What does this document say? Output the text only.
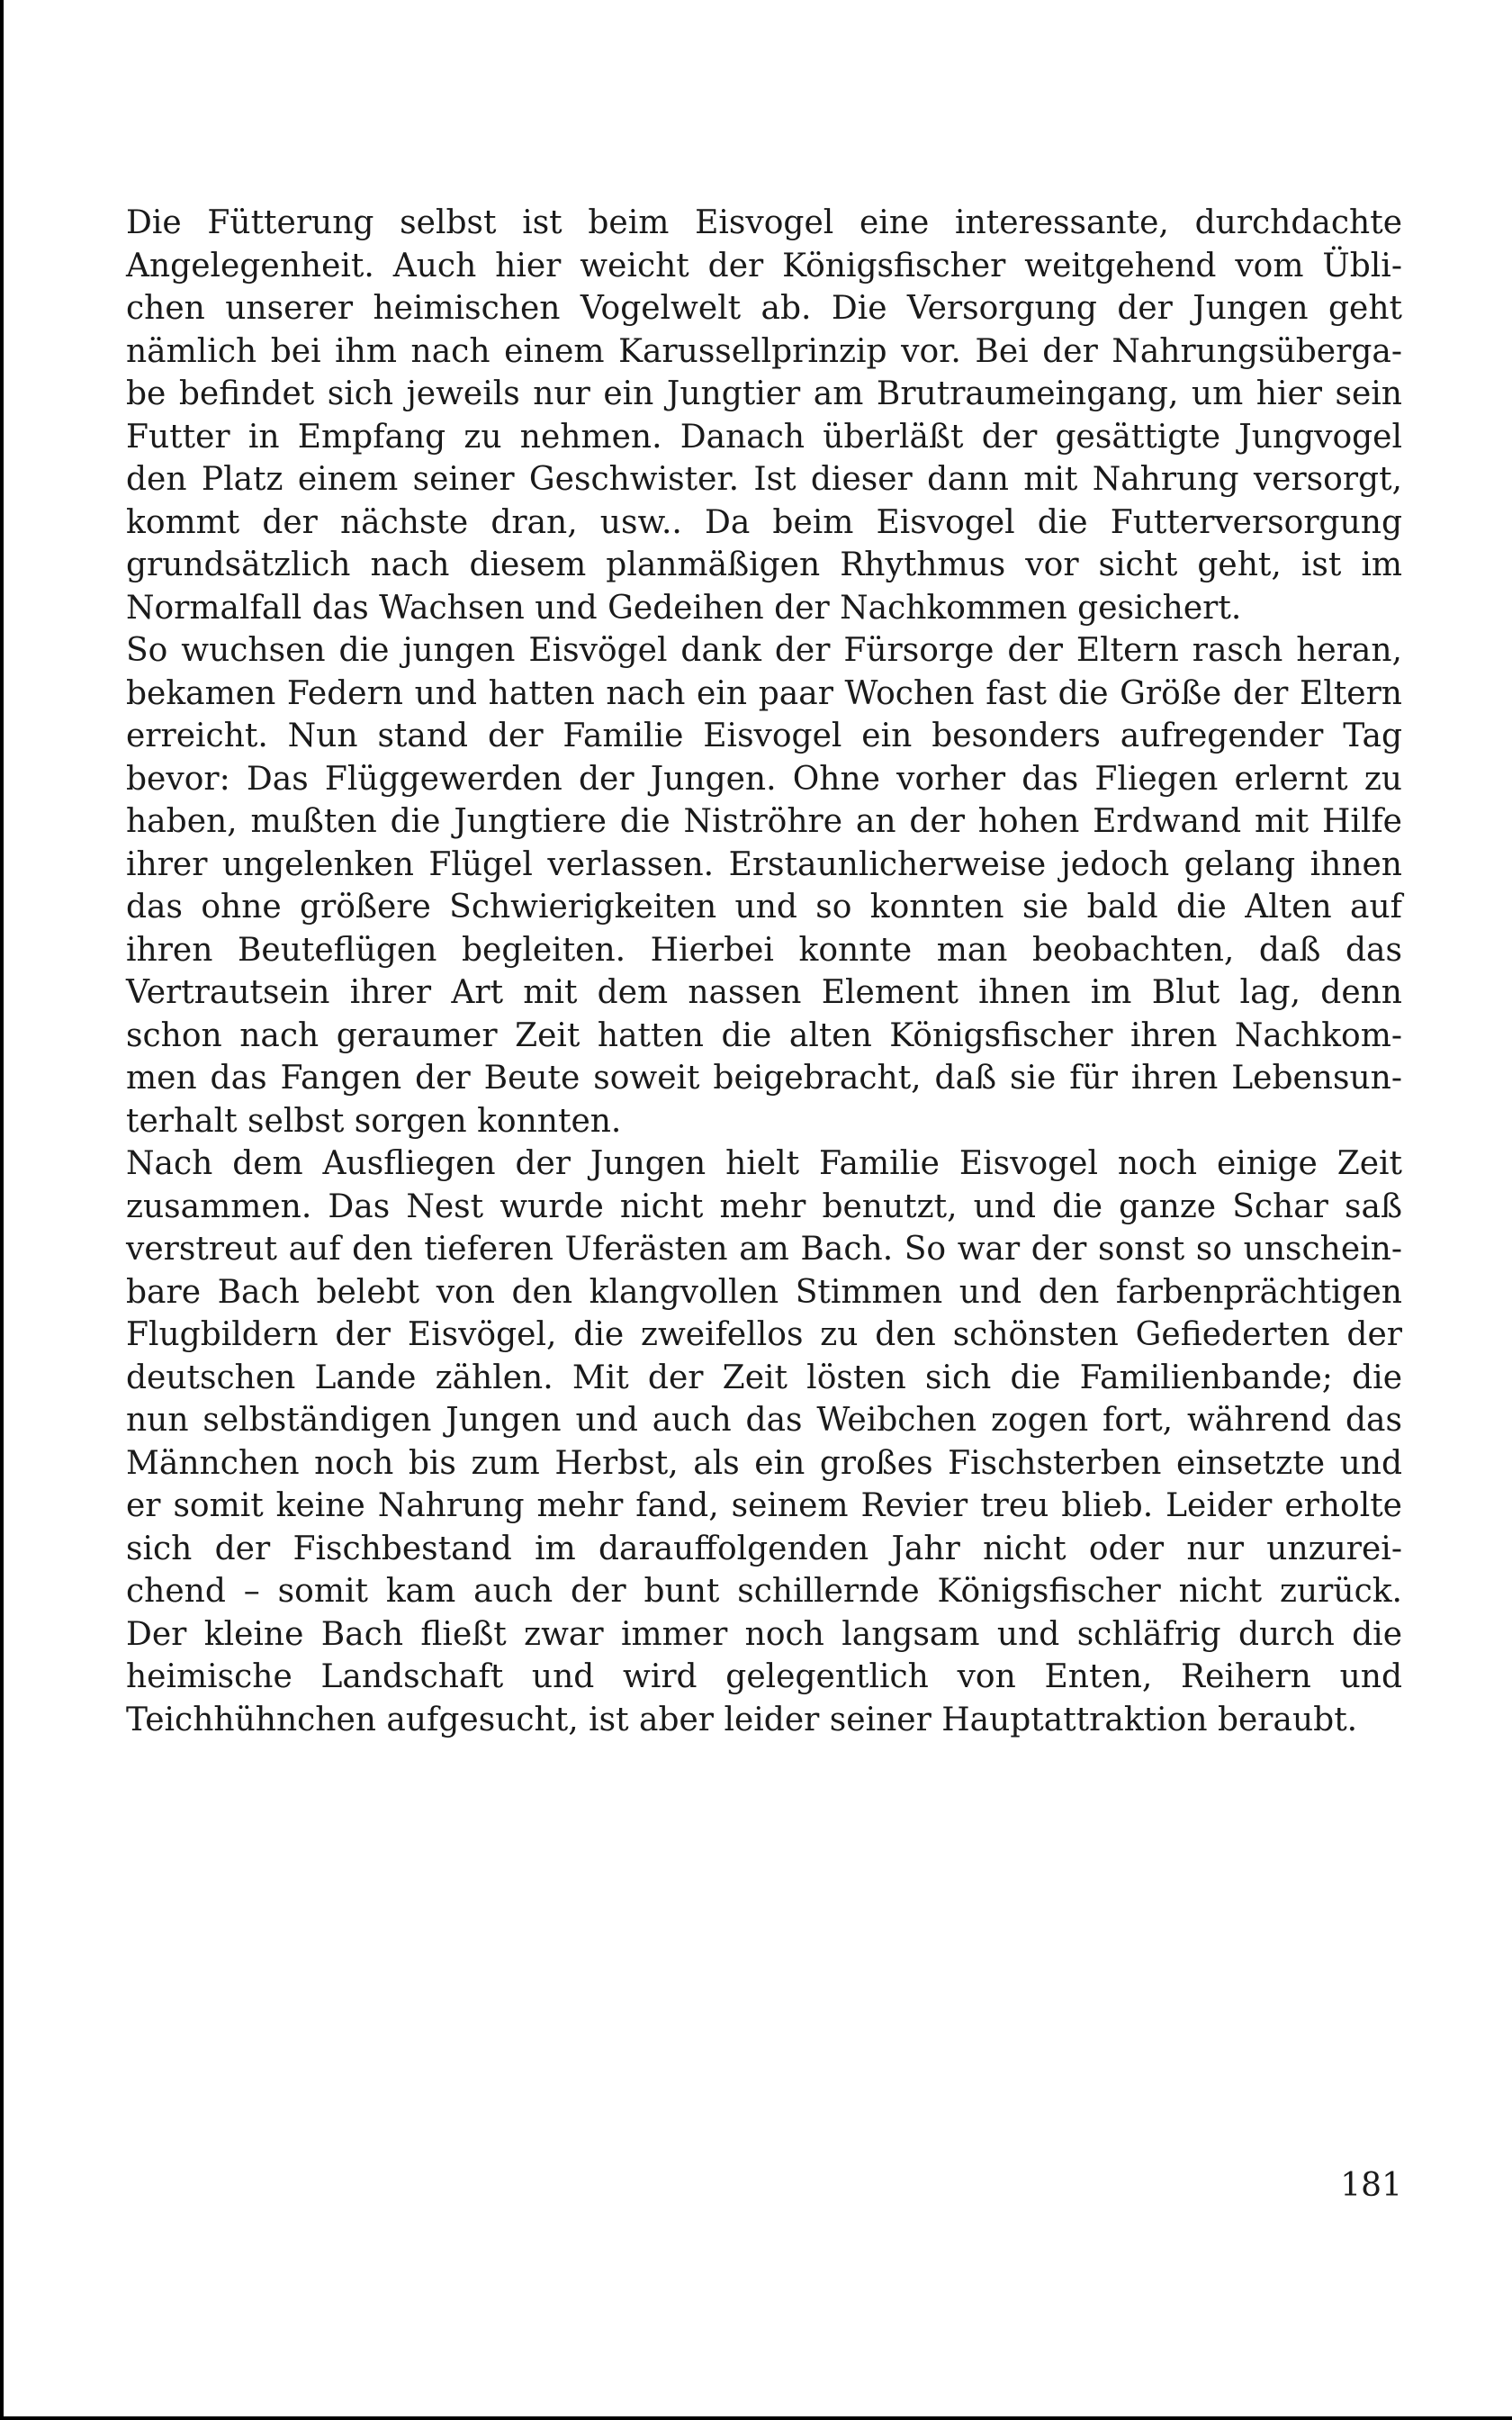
Die Fütterung selbst ist beim Eisvogel eine interessante, durchdachte
Angelegenheit. Auch hier weicht der Königsfischer weitgehend vom Übli-
chen unserer heimischen Vogelwelt ab. Die Versorgung der Jungen geht
nämlich bei ihm nach einem Karussellprinzip vor. Bei der Nahrungsüberga-
be befindet sich jeweils nur ein Jungtier am Brutraumeingang, um hier sein
Futter in Empfang zu nehmen. Danach überläßt der gesättigte Jungvogel
den Platz einem seiner Geschwister. Ist dieser dann mit Nahrung versorgt,
kommt der nächste dran, usw.. Da beim Eisvogel die Futterversorgung
grundsätzlich nach diesem planmäßigen Rhythmus vor sicht geht, ist im
Normalfall das Wachsen und Gedeihen der Nachkommen gesichert.
So wuchsen die jungen Eisvögel dank der Fürsorge der Eltern rasch heran,
bekamen Federn und hatten nach ein paar Wochen fast die Größe der Eltern
erreicht. Nun stand der Familie Eisvogel ein besonders aufregender Tag
bevor: Das Flüggewerden der Jungen. Ohne vorher das Fliegen erlernt zu
haben, mußten die Jungtiere die Niströhre an der hohen Erdwand mit Hilfe
ihrer ungelenken Flügel verlassen. Erstaunlicherweise jedoch gelang ihnen
das ohne größere Schwierigkeiten und so konnten sie bald die Alten auf
ihren Beuteflügen begleiten. Hierbei konnte man beobachten, daß das
Vertrautsein ihrer Art mit dem nassen Element ihnen im Blut lag, denn
schon nach geraumer Zeit hatten die alten Königsfischer ihren Nachkom-
men das Fangen der Beute soweit beigebracht, daß sie für ihren Lebensun-
terhalt selbst sorgen konnten.
Nach dem Ausfliegen der Jungen hielt Familie Eisvogel noch einige Zeit
zusammen. Das Nest wurde nicht mehr benutzt, und die ganze Schar saß
verstreut auf den tieferen Uferästen am Bach. So war der sonst so unschein-
bare Bach belebt von den klangvollen Stimmen und den farbenprächtigen
Flugbildern der Eisvögel, die zweifellos zu den schönsten Gefiederten der
deutschen Lande zählen. Mit der Zeit lösten sich die Familienbande; die
nun selbständigen Jungen und auch das Weibchen zogen fort, während das
Männchen noch bis zum Herbst, als ein großes Fischsterben einsetzte und
er somit keine Nahrung mehr fand, seinem Revier treu blieb. Leider erholte
sich der Fischbestand im darauffolgenden Jahr nicht oder nur unzurei-
chend – somit kam auch der bunt schillernde Königsfischer nicht zurück.
Der kleine Bach fließt zwar immer noch langsam und schläfrig durch die
heimische Landschaft und wird gelegentlich von Enten, Reihern und
Teichhühnchen aufgesucht, ist aber leider seiner Hauptattraktion beraubt.
181
